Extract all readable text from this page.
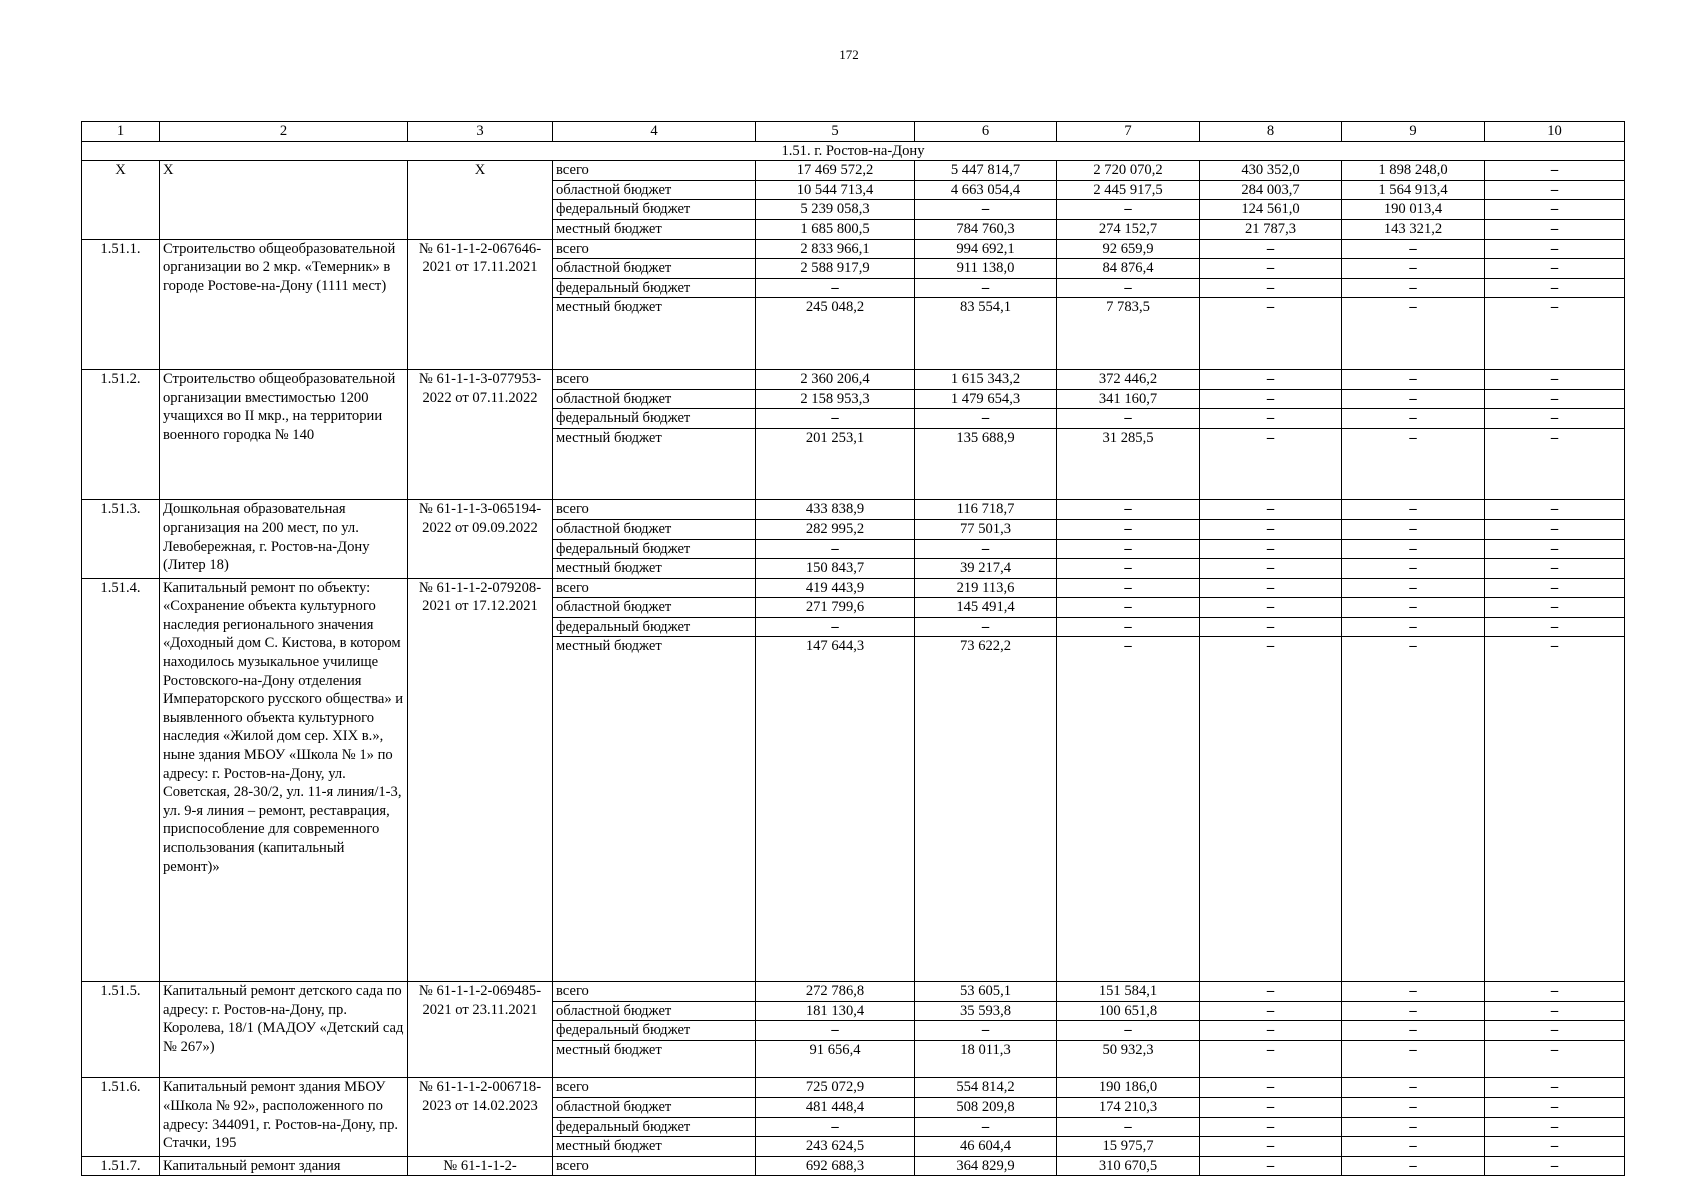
172
1	2	3	4	5	6	7	8	9	10
1.51. г. Ростов-на-Дону									
Х	Х	Х	всего	17 469 572,2	5 447 814,7	2 720 070,2	430 352,0	1 898 248,0	–
			областной бюджет	10 544 713,4	4 663 054,4	2 445 917,5	284 003,7	1 564 913,4	–
			федеральный бюджет	5 239 058,3	–	–	124 561,0	190 013,4	–
			местный бюджет	1 685 800,5	784 760,3	274 152,7	21 787,3	143 321,2	–
1.51.1.	Строительство общеобразовательной организации во 2 мкр. «Темерник» в городе Ростове-на-Дону (1111 мест)	№ 61-1-1-2-067646-2021 от 17.11.2021	всего	2 833 966,1	994 692,1	92 659,9	–	–	–
			областной бюджет	2 588 917,9	911 138,0	84 876,4	–	–	–
			федеральный бюджет	–	–	–	–	–	–
			местный бюджет	245 048,2	83 554,1	7 783,5	–	–	–
1.51.2.	Строительство общеобразовательной организации вместимостью 1200 учащихся во II мкр., на территории военного городка № 140	№ 61-1-1-3-077953-2022 от 07.11.2022	всего	2 360 206,4	1 615 343,2	372 446,2	–	–	–
			областной бюджет	2 158 953,3	1 479 654,3	341 160,7	–	–	–
			федеральный бюджет	–	–	–	–	–	–
			местный бюджет	201 253,1	135 688,9	31 285,5	–	–	–
1.51.3.	Дошкольная образовательная организация на 200 мест, по ул. Левобережная, г. Ростов-на-Дону (Литер 18)	№ 61-1-1-3-065194-2022 от 09.09.2022	всего	433 838,9	116 718,7	–	–	–	–
			областной бюджет	282 995,2	77 501,3	–	–	–	–
			федеральный бюджет	–	–	–	–	–	–
			местный бюджет	150 843,7	39 217,4	–	–	–	–
1.51.4.	Капитальный ремонт по объекту: «Сохранение объекта культурного наследия регионального значения «Доходный дом С. Кистова, в котором находилось музыкальное училище Ростовского-на-Дону отделения Императорского русского общества» и выявленного объекта культурного наследия «Жилой дом сер. XIX в.», ныне здания МБОУ «Школа № 1» по адресу: г. Ростов-на-Дону, ул. Советская, 28-30/2, ул. 11-я линия/1-3, ул. 9-я линия – ремонт, реставрация, приспособление для современного использования (капитальный ремонт)»	№ 61-1-1-2-079208-2021 от 17.12.2021	всего	419 443,9	219 113,6	–	–	–	–
			областной бюджет	271 799,6	145 491,4	–	–	–	–
			федеральный бюджет	–	–	–	–	–	–
			местный бюджет	147 644,3	73 622,2	–	–	–	–
1.51.5.	Капитальный ремонт детского сада по адресу: г. Ростов-на-Дону, пр. Королева, 18/1 (МАДОУ «Детский сад № 267»)	№ 61-1-1-2-069485-2021 от 23.11.2021	всего	272 786,8	53 605,1	151 584,1	–	–	–
			областной бюджет	181 130,4	35 593,8	100 651,8	–	–	–
			федеральный бюджет	–	–	–	–	–	–
			местный бюджет	91 656,4	18 011,3	50 932,3	–	–	–
1.51.6.	Капитальный ремонт здания МБОУ «Школа № 92», расположенного по адресу: 344091, г. Ростов-на-Дону, пр. Стачки, 195	№ 61-1-1-2-006718-2023 от 14.02.2023	всего	725 072,9	554 814,2	190 186,0	–	–	–
			областной бюджет	481 448,4	508 209,8	174 210,3	–	–	–
			федеральный бюджет	–	–	–	–	–	–
			местный бюджет	243 624,5	46 604,4	15 975,7	–	–	–
1.51.7.	Капитальный ремонт здания	№ 61-1-1-2-	всего	692 688,3	364 829,9	310 670,5	–	–	–
